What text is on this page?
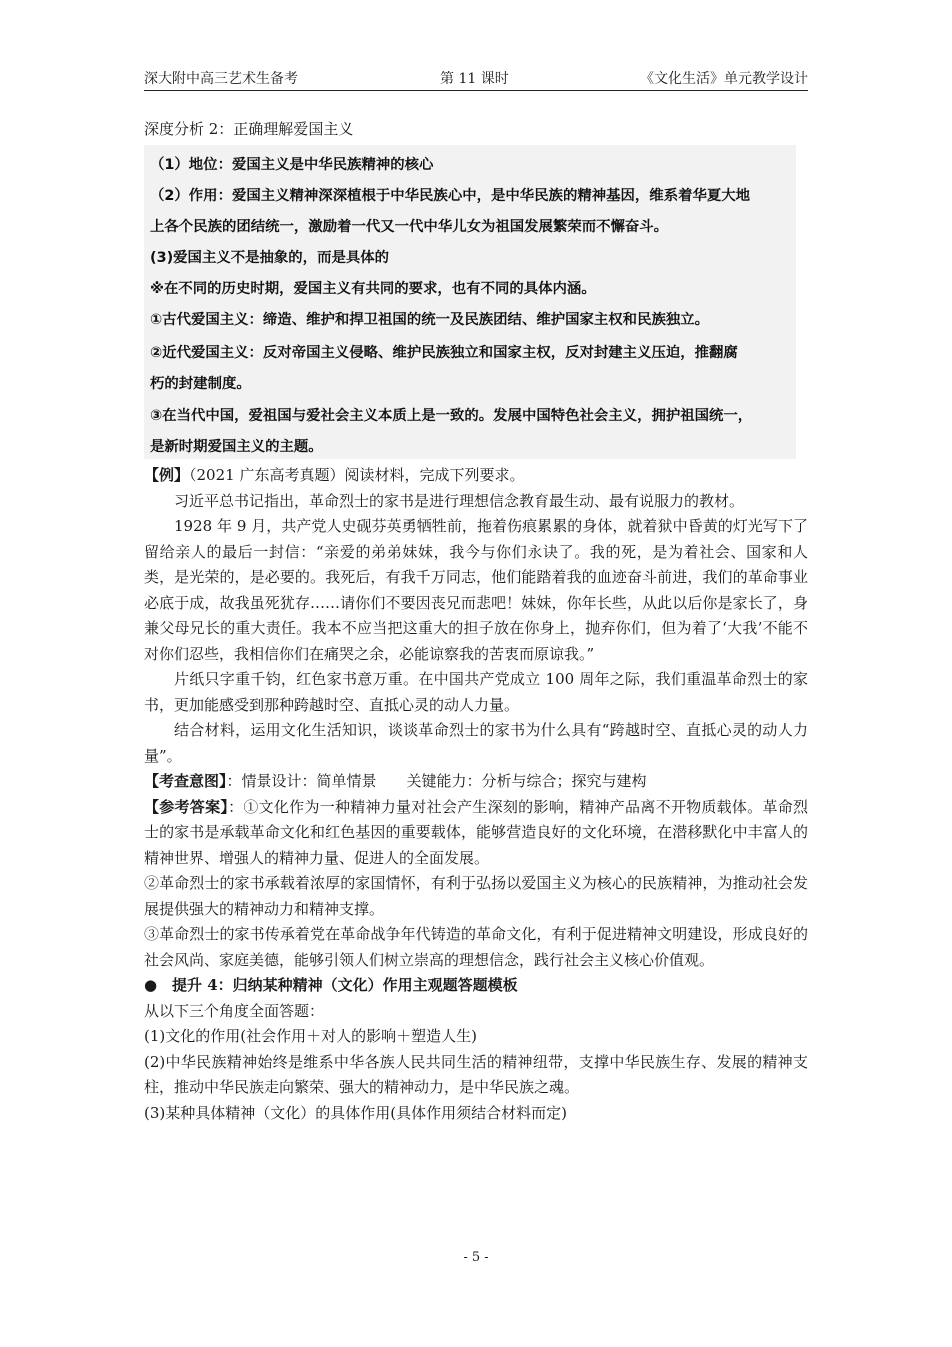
深大附中高三艺术生备考	第 11 课时	《文化生活》单元教学设计
深度分析 2：正确理解爱国主义
（1）地位：爱国主义是中华民族精神的核心
（2）作用：爱国主义精神深深植根于中华民族心中，是中华民族的精神基因，维系着华夏大地
上各个民族的团结统一，激励着一代又一代中华儿女为祖国发展繁荣而不懈奋斗。
(3)爱国主义不是抽象的，而是具体的
※在不同的历史时期，爱国主义有共同的要求，也有不同的具体内涵。
①古代爱国主义：缔造、维护和捍卫祖国的统一及民族团结、维护国家主权和民族独立。
②近代爱国主义：反对帝国主义侵略、维护民族独立和国家主权，反对封建主义压迫，推翻腐
朽的封建制度。
③在当代中国，爱祖国与爱社会主义本质上是一致的。发展中国特色社会主义，拥护祖国统一，
是新时期爱国主义的主题。

【例】（2021 广东高考真题）阅读材料，完成下列要求。

习近平总书记指出，革命烈士的家书是进行理想信念教育最生动、最有说服力的教材。

1928 年 9 月，共产党人史砚芬英勇牺牲前，拖着伤痕累累的身体，就着狱中昏黄的灯光写下了留给亲人的最后一封信：“亲爱的弟弟妹妹，我今与你们永诀了。我的死，是为着社会、国家和人类，是光荣的，是必要的。我死后，有我千万同志，他们能踏着我的血迹奋斗前进，我们的革命事业必底于成，故我虽死犹存……请你们不要因丧兄而悲吧！妹妹，你年长些，从此以后你是家长了，身兼父母兄长的重大责任。我本不应当把这重大的担子放在你身上，抛弃你们，但为着了‘大我’不能不对你们忍些，我相信你们在痛哭之余，必能谅察我的苦衷而原谅我。”

片纸只字重千钧，红色家书意万重。在中国共产党成立 100 周年之际，我们重温革命烈士的家书，更加能感受到那种跨越时空、直抵心灵的动人力量。

结合材料，运用文化生活知识，谈谈革命烈士的家书为什么具有“跨越时空、直抵心灵的动人力量”。

【考查意图】：情景设计：简单情景　　关键能力：分析与综合；探究与建构

【参考答案】：①文化作为一种精神力量对社会产生深刻的影响，精神产品离不开物质载体。革命烈士的家书是承载革命文化和红色基因的重要载体，能够营造良好的文化环境，在潜移默化中丰富人的精神世界、增强人的精神力量、促进人的全面发展。

②革命烈士的家书承载着浓厚的家国情怀，有利于弘扬以爱国主义为核心的民族精神，为推动社会发展提供强大的精神动力和精神支撑。

③革命烈士的家书传承着党在革命战争年代铸造的革命文化，有利于促进精神文明建设，形成良好的社会风尚、家庭美德，能够引领人们树立崇高的理想信念，践行社会主义核心价值观。

● 提升 4：归纳某种精神（文化）作用主观题答题模板

从以下三个角度全面答题：

(1)文化的作用(社会作用＋对人的影响＋塑造人生)

(2)中华民族精神始终是维系中华各族人民共同生活的精神纽带，支撑中华民族生存、发展的精神支柱，推动中华民族走向繁荣、强大的精神动力，是中华民族之魂。

(3)某种具体精神（文化）的具体作用(具体作用须结合材料而定)

- 5 -
